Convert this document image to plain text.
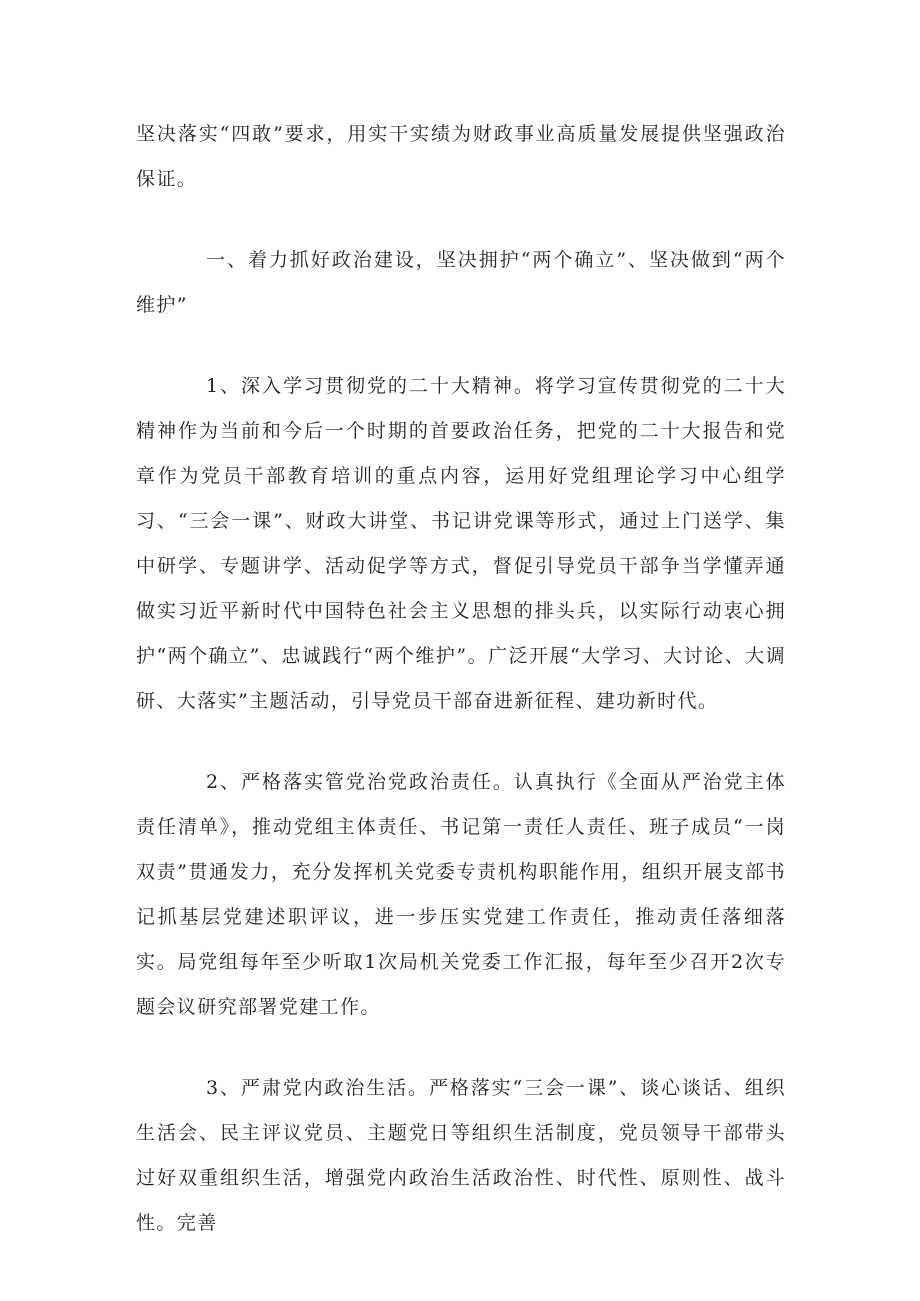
坚决落实“四敢”要求，用实干实绩为财政事业高质量发展提供坚强政治保证。

一、着力抓好政治建设，坚决拥护“两个确立”、坚决做到“两个维护”

1、深入学习贯彻党的二十大精神。将学习宣传贯彻党的二十大精神作为当前和今后一个时期的首要政治任务，把党的二十大报告和党章作为党员干部教育培训的重点内容，运用好党组理论学习中心组学习、“三会一课”、财政大讲堂、书记讲党课等形式，通过上门送学、集中研学、专题讲学、活动促学等方式，督促引导党员干部争当学懂弄通做实习近平新时代中国特色社会主义思想的排头兵，以实际行动衷心拥护“两个确立”、忠诚践行“两个维护”。广泛开展“大学习、大讨论、大调研、大落实”主题活动，引导党员干部奋进新征程、建功新时代。

2、严格落实管党治党政治责任。认真执行《全面从严治党主体责任清单》，推动党组主体责任、书记第一责任人责任、班子成员“一岗双责”贯通发力，充分发挥机关党委专责机构职能作用，组织开展支部书记抓基层党建述职评议，进一步压实党建工作责任，推动责任落细落实。局党组每年至少听取1次局机关党委工作汇报，每年至少召开2次专题会议研究部署党建工作。

3、严肃党内政治生活。严格落实“三会一课”、谈心谈话、组织生活会、民主评议党员、主题党日等组织生活制度，党员领导干部带头过好双重组织生活，增强党内政治生活政治性、时代性、原则性、战斗性。完善
